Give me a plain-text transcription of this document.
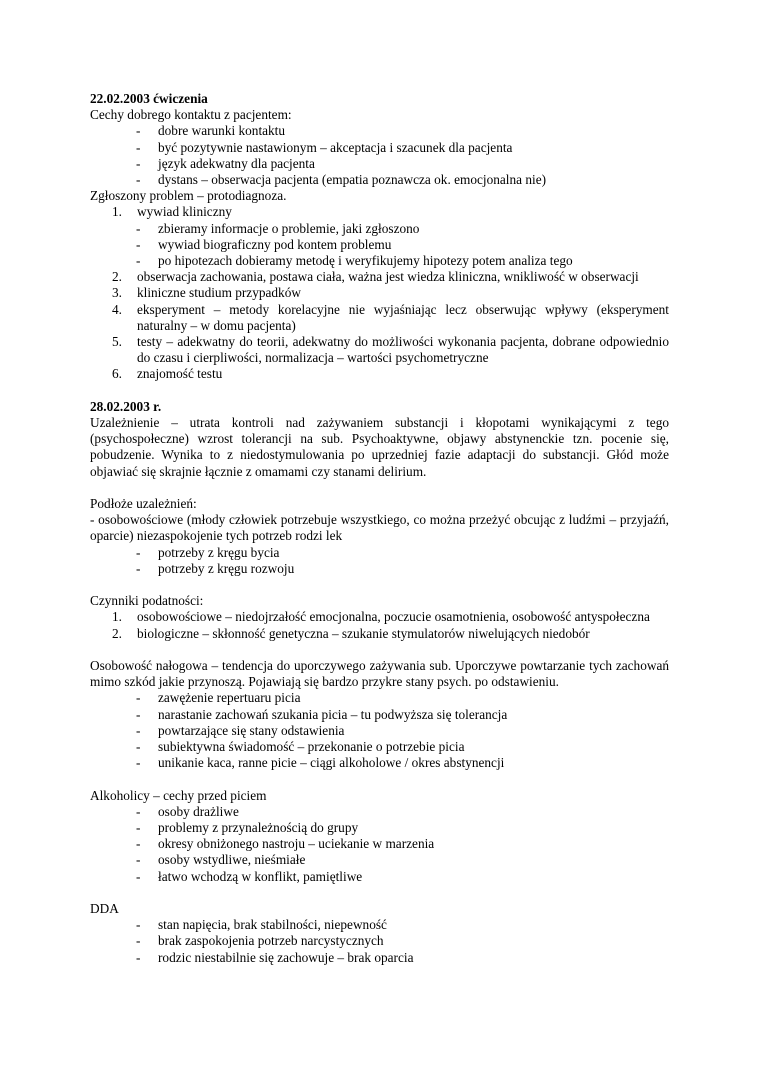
22.02.2003 ćwiczenia

Cechy dobrego kontaktu z pacjentem:

- dobre warunki kontaktu
- być pozytywnie nastawionym – akceptacja i szacunek dla pacjenta
- język adekwatny dla pacjenta
- dystans – obserwacja pacjenta (empatia poznawcza ok. emocjonalna nie)

Zgłoszony problem – protodiagnoza.

1. wywiad kliniczny
- zbieramy informacje o problemie, jaki zgłoszono
- wywiad biograficzny pod kontem problemu
- po hipotezach dobieramy metodę i weryfikujemy hipotezy potem analiza tego
2. obserwacja zachowania, postawa ciała, ważna jest wiedza kliniczna, wnikliwość w obserwacji
3. kliniczne studium przypadków
4. eksperyment – metody korelacyjne nie wyjaśniając lecz obserwując wpływy (eksperyment naturalny – w domu pacjenta)
5. testy – adekwatny do teorii, adekwatny do możliwości wykonania pacjenta, dobrane odpowiednio do czasu i cierpliwości, normalizacja – wartości psychometryczne
6. znajomość testu

28.02.2003 r.

Uzależnienie – utrata kontroli nad zażywaniem substancji i kłopotami wynikającymi z tego (psychospołeczne) wzrost tolerancji na sub. Psychoaktywne, objawy abstynenckie tzn. pocenie się, pobudzenie. Wynika to z niedostymulowania po uprzedniej fazie adaptacji do substancji. Głód może objawiać się skrajnie łącznie z omamami czy stanami delirium.

Podłoże uzależnień:

- osobowościowe (młody człowiek potrzebuje wszystkiego, co można przeżyć obcując z ludźmi – przyjaźń, oparcie) niezaspokojenie tych potrzeb rodzi lek

- potrzeby z kręgu bycia
- potrzeby z kręgu rozwoju

Czynniki podatności:

1. osobowościowe – niedojrzałość emocjonalna, poczucie osamotnienia, osobowość antyspołeczna
2. biologiczne – skłonność genetyczna – szukanie stymulatorów niwelujących niedobór

Osobowość nałogowa – tendencja do uporczywego zażywania sub. Uporczywe powtarzanie tych zachowań mimo szkód jakie przynoszą. Pojawiają się bardzo przykre stany psych. po odstawieniu.

- zawężenie repertuaru picia
- narastanie zachowań szukania picia – tu podwyższa się tolerancja
- powtarzające się stany odstawienia
- subiektywna świadomość – przekonanie o potrzebie picia
- unikanie kaca, ranne picie – ciągi alkoholowe / okres abstynencji

Alkoholicy – cechy przed piciem

- osoby drażliwe
- problemy z przynależnością do grupy
- okresy obniżonego nastroju – uciekanie w marzenia
- osoby wstydliwe, nieśmiałe
- łatwo wchodzą w konflikt, pamiętliwe

DDA

- stan napięcia, brak stabilności, niepewność
- brak zaspokojenia potrzeb narcystycznych
- rodzic niestabilnie się zachowuje – brak oparcia
